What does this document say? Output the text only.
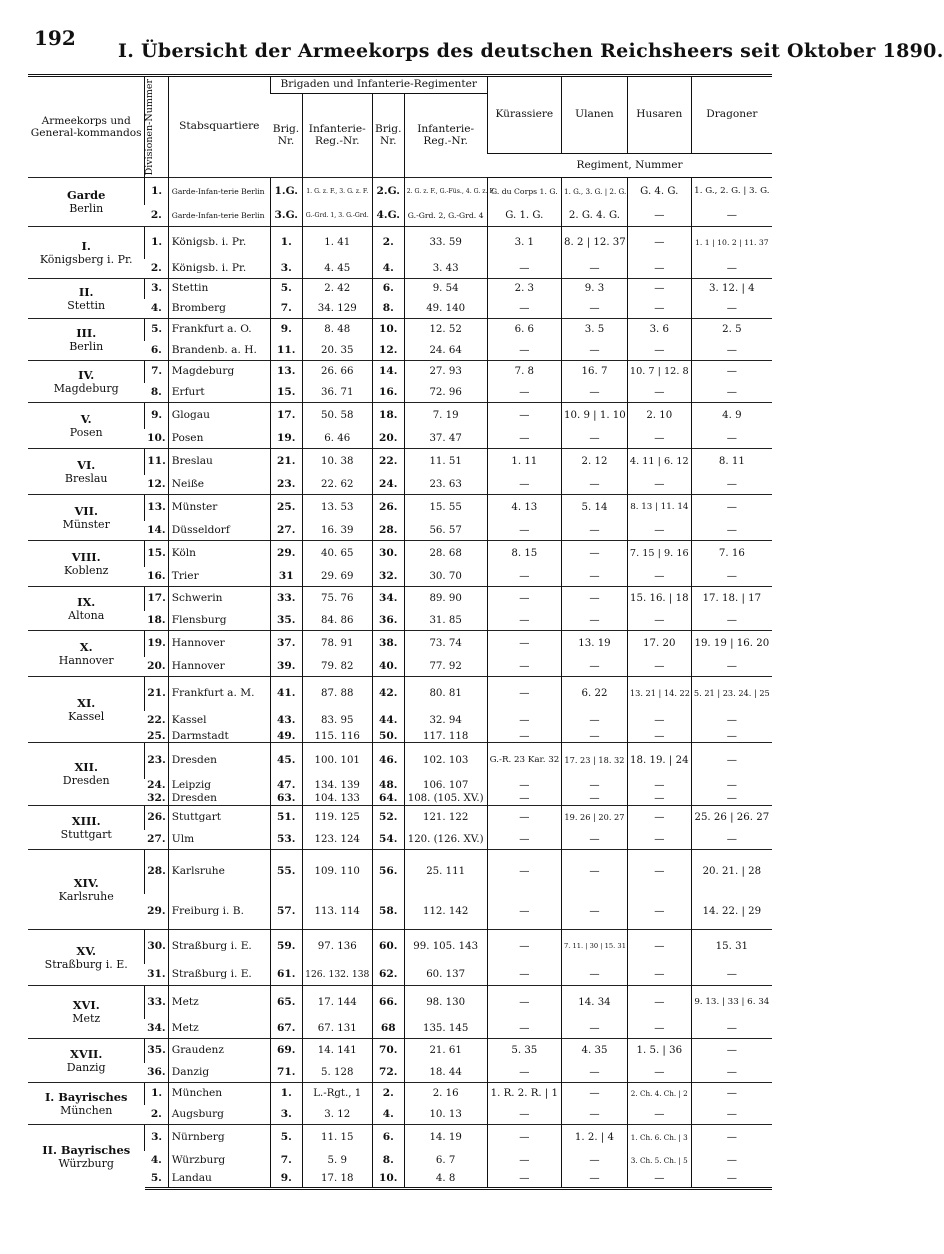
192
I. Übersicht der Armeekorps des deutschen Reichsheers seit Oktober 1890.
Armeekorps und General-kommandos	Divisionen-Nummer	Stabsquartiere	Brigaden und Infanterie-Regimenter				Kürassiere	Ulanen	Husaren	Dragoner
			Brig. Nr.	Infanterie-Reg.-Nr.	Brig. Nr.	Infanterie-Reg.-Nr.				
							Regiment, Nummer			

Garde
Berlin	1.	Garde-Infan-terie Berlin	1.G.	1. G. z. F., 3. G. z. F.	2.G.	2. G. z. F., G.-Füs., 4. G. z. F.	G. du Corps 1. G.	1. G., 3. G. | 2. G.	G. 4. G.	1. G., 2. G. | 3. G.
	2.	Garde-Infan-terie Berlin	3.G.	G.-Grd. 1, 3. G.-Grd.	4.G.	G.-Grd. 2, G.-Grd. 4	G. 1. G.	2. G. 4. G.	—	—

I.
Königsberg i. Pr.	1.	Königsb. i. Pr.	1.	1. 41	2.	33. 59	3. 1	8. 2 | 12. 37	—	1. 1 | 10. 2 | 11. 37
	2.	Königsb. i. Pr.	3.	4. 45	4.	3. 43	—	—	—	—

II.
Stettin	3.	Stettin	5.	2. 42	6.	9. 54	2. 3	9. 3	—	3. 12. | 4
	4.	Bromberg	7.	34. 129	8.	49. 140	—	—	—	—

III.
Berlin	5.	Frankfurt a. O.	9.	8. 48	10.	12. 52	6. 6	3. 5	3. 6	2. 5
	6.	Brandenb. a. H.	11.	20. 35	12.	24. 64	—	—	—	—

IV.
Magdeburg	7.	Magdeburg	13.	26. 66	14.	27. 93	7. 8	16. 7	10. 7 | 12. 8	—
	8.	Erfurt	15.	36. 71	16.	72. 96	—	—	—	—

V.
Posen	9.	Glogau	17.	50. 58	18.	7. 19	—	10. 9 | 1. 10	2. 10	4. 9
	10.	Posen	19.	6. 46	20.	37. 47	—	—	—	—

VI.
Breslau	11.	Breslau	21.	10. 38	22.	11. 51	1. 11	2. 12	4. 11 | 6. 12	8. 11
	12.	Neiße	23.	22. 62	24.	23. 63	—	—	—	—

VII.
Münster	13.	Münster	25.	13. 53	26.	15. 55	4. 13	5. 14	8. 13 | 11. 14	—
	14.	Düsseldorf	27.	16. 39	28.	56. 57	—	—	—	—

VIII.
Koblenz	15.	Köln	29.	40. 65	30.	28. 68	8. 15	—	7. 15 | 9. 16	7. 16
	16.	Trier	31	29. 69	32.	30. 70	—	—	—	—

IX.
Altona	17.	Schwerin	33.	75. 76	34.	89. 90	—	—	15. 16. | 18	17. 18. | 17
	18.	Flensburg	35.	84. 86	36.	31. 85	—	—	—	—

X.
Hannover	19.	Hannover	37.	78. 91	38.	73. 74	—	13. 19	17. 20	19. 19 | 16. 20
	20.	Hannover	39.	79. 82	40.	77. 92	—	—	—	—

XI.
Kassel	21.	Frankfurt a. M.	41.	87. 88	42.	80. 81	—	6. 22	13. 21 | 14. 22	5. 21 | 23. 24. | 25
	22.	Kassel	43.	83. 95	44.	32. 94	—	—	—	—
	25.	Darmstadt	49.	115. 116	50.	117. 118	—	—	—	—

XII.
Dresden	23.	Dresden	45.	100. 101	46.	102. 103	G.-R. 23 Kar. 32	17. 23 | 18. 32	18. 19. | 24	—
	24.	Leipzig	47.	134. 139	48.	106. 107	—	—	—	—
	32.	Dresden	63.	104. 133	64.	108. (105. XV.)	—	—	—	—

XIII.
Stuttgart	26.	Stuttgart	51.	119. 125	52.	121. 122	—	19. 26 | 20. 27	—	25. 26 | 26. 27
	27.	Ulm	53.	123. 124	54.	120. (126. XV.)	—	—	—	—

XIV.
Karlsruhe	28.	Karlsruhe	55.	109. 110	56.	25. 111	—	—	—	20. 21. | 28
	29.	Freiburg i. B.	57.	113. 114	58.	112. 142	—	—	—	14. 22. | 29

XV.
Straßburg i. E.	30.	Straßburg i. E.	59.	97. 136	60.	99. 105. 143	—	7. 11. | 30 | 15. 31	—	15. 31
	31.	Straßburg i. E.	61.	126. 132. 138	62.	60. 137	—	—	—	—

XVI.
Metz	33.	Metz	65.	17. 144	66.	98. 130	—	14. 34	—	9. 13. | 33 | 6. 34
	34.	Metz	67.	67. 131	68	135. 145	—	—	—	—

XVII.
Danzig	35.	Graudenz	69.	14. 141	70.	21. 61	5. 35	4. 35	1. 5. | 36	—
	36.	Danzig	71.	5. 128	72.	18. 44	—	—	—	—

I. Bayrisches
München	1.	München	1.	L.-Rgt., 1	2.	2. 16	1. R. 2. R. | 1	—	2. Ch. 4. Ch. | 2	—
	2.	Augsburg	3.	3. 12	4.	10. 13	—	—	—	—

II. Bayrisches
Würzburg	3.	Nürnberg	5.	11. 15	6.	14. 19	—	1. 2. | 4	1. Ch. 6. Ch. | 3	—
	4.	Würzburg	7.	5. 9	8.	6. 7	—	—	3. Ch. 5. Ch. | 5	—
	5.	Landau	9.	17. 18	10.	4. 8	—	—	—	—
